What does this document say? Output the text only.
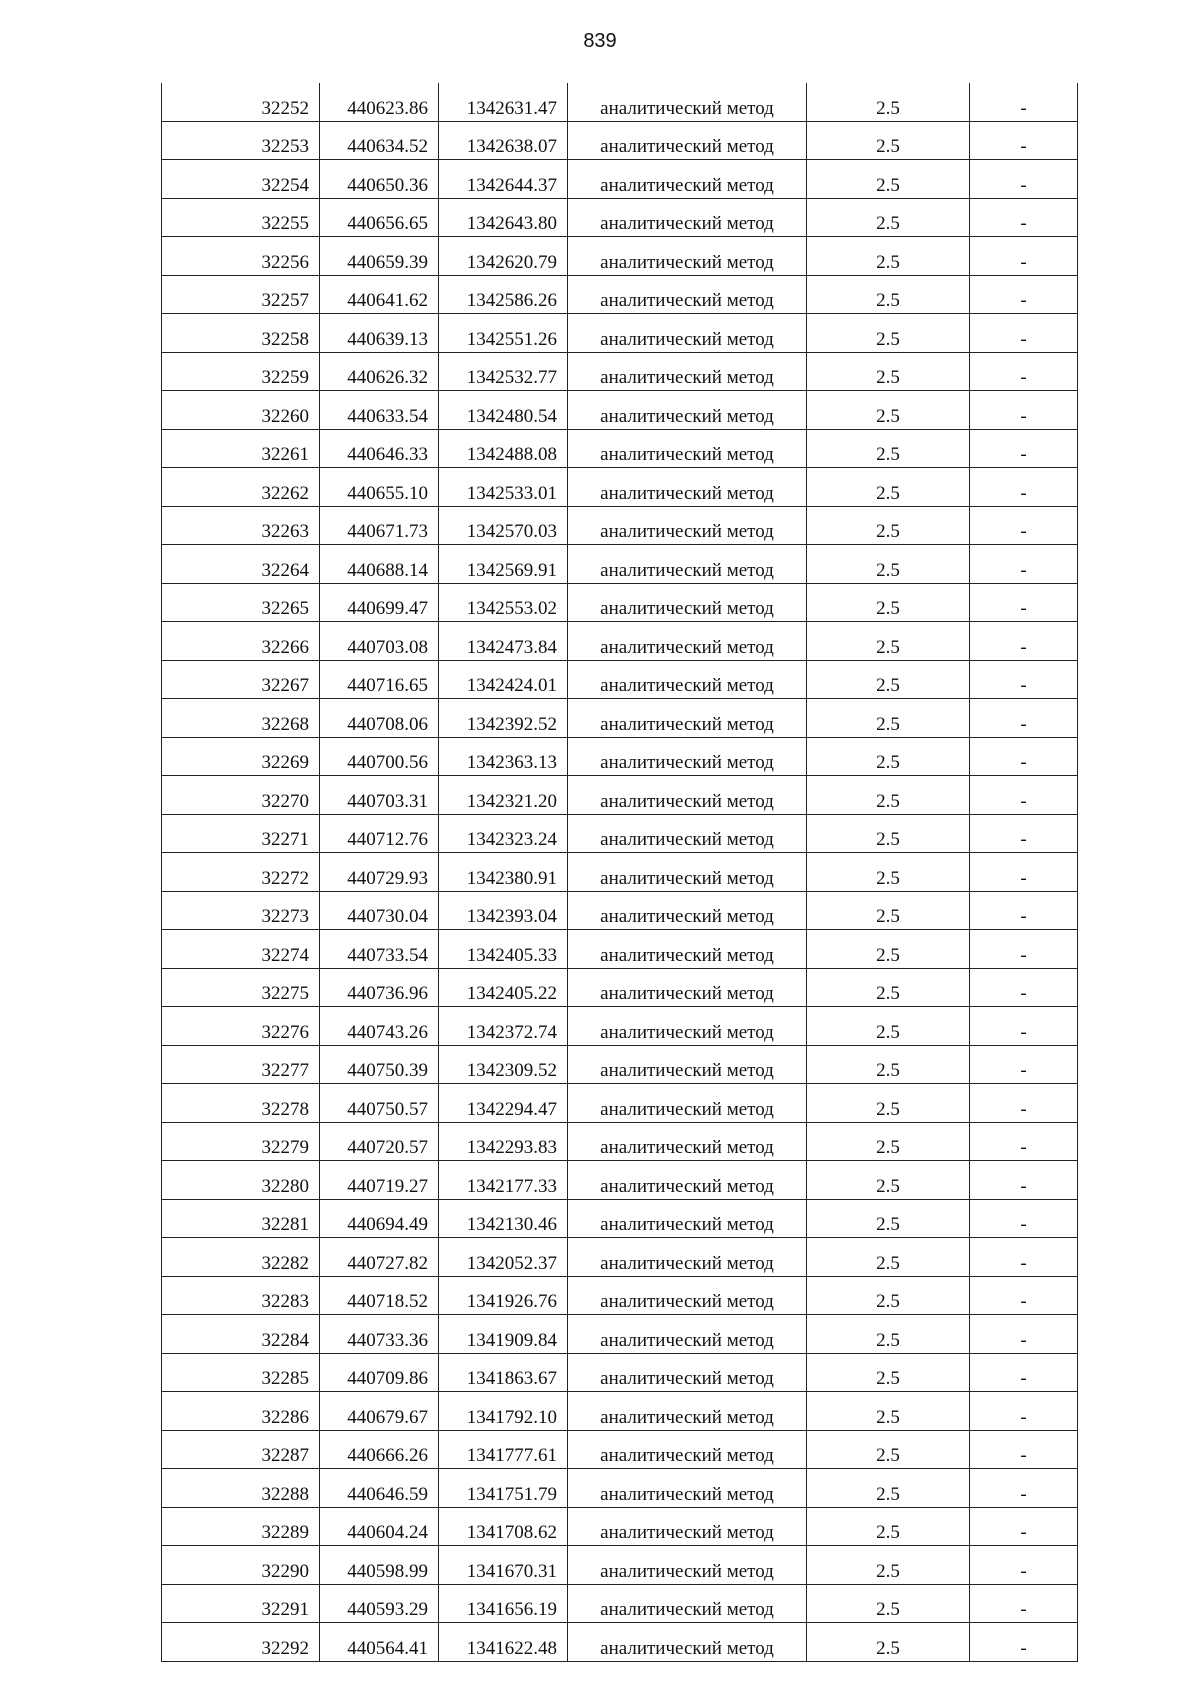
839
32252	440623.86	1342631.47	аналитический метод	2.5	-
32253	440634.52	1342638.07	аналитический метод	2.5	-
32254	440650.36	1342644.37	аналитический метод	2.5	-
32255	440656.65	1342643.80	аналитический метод	2.5	-
32256	440659.39	1342620.79	аналитический метод	2.5	-
32257	440641.62	1342586.26	аналитический метод	2.5	-
32258	440639.13	1342551.26	аналитический метод	2.5	-
32259	440626.32	1342532.77	аналитический метод	2.5	-
32260	440633.54	1342480.54	аналитический метод	2.5	-
32261	440646.33	1342488.08	аналитический метод	2.5	-
32262	440655.10	1342533.01	аналитический метод	2.5	-
32263	440671.73	1342570.03	аналитический метод	2.5	-
32264	440688.14	1342569.91	аналитический метод	2.5	-
32265	440699.47	1342553.02	аналитический метод	2.5	-
32266	440703.08	1342473.84	аналитический метод	2.5	-
32267	440716.65	1342424.01	аналитический метод	2.5	-
32268	440708.06	1342392.52	аналитический метод	2.5	-
32269	440700.56	1342363.13	аналитический метод	2.5	-
32270	440703.31	1342321.20	аналитический метод	2.5	-
32271	440712.76	1342323.24	аналитический метод	2.5	-
32272	440729.93	1342380.91	аналитический метод	2.5	-
32273	440730.04	1342393.04	аналитический метод	2.5	-
32274	440733.54	1342405.33	аналитический метод	2.5	-
32275	440736.96	1342405.22	аналитический метод	2.5	-
32276	440743.26	1342372.74	аналитический метод	2.5	-
32277	440750.39	1342309.52	аналитический метод	2.5	-
32278	440750.57	1342294.47	аналитический метод	2.5	-
32279	440720.57	1342293.83	аналитический метод	2.5	-
32280	440719.27	1342177.33	аналитический метод	2.5	-
32281	440694.49	1342130.46	аналитический метод	2.5	-
32282	440727.82	1342052.37	аналитический метод	2.5	-
32283	440718.52	1341926.76	аналитический метод	2.5	-
32284	440733.36	1341909.84	аналитический метод	2.5	-
32285	440709.86	1341863.67	аналитический метод	2.5	-
32286	440679.67	1341792.10	аналитический метод	2.5	-
32287	440666.26	1341777.61	аналитический метод	2.5	-
32288	440646.59	1341751.79	аналитический метод	2.5	-
32289	440604.24	1341708.62	аналитический метод	2.5	-
32290	440598.99	1341670.31	аналитический метод	2.5	-
32291	440593.29	1341656.19	аналитический метод	2.5	-
32292	440564.41	1341622.48	аналитический метод	2.5	-
